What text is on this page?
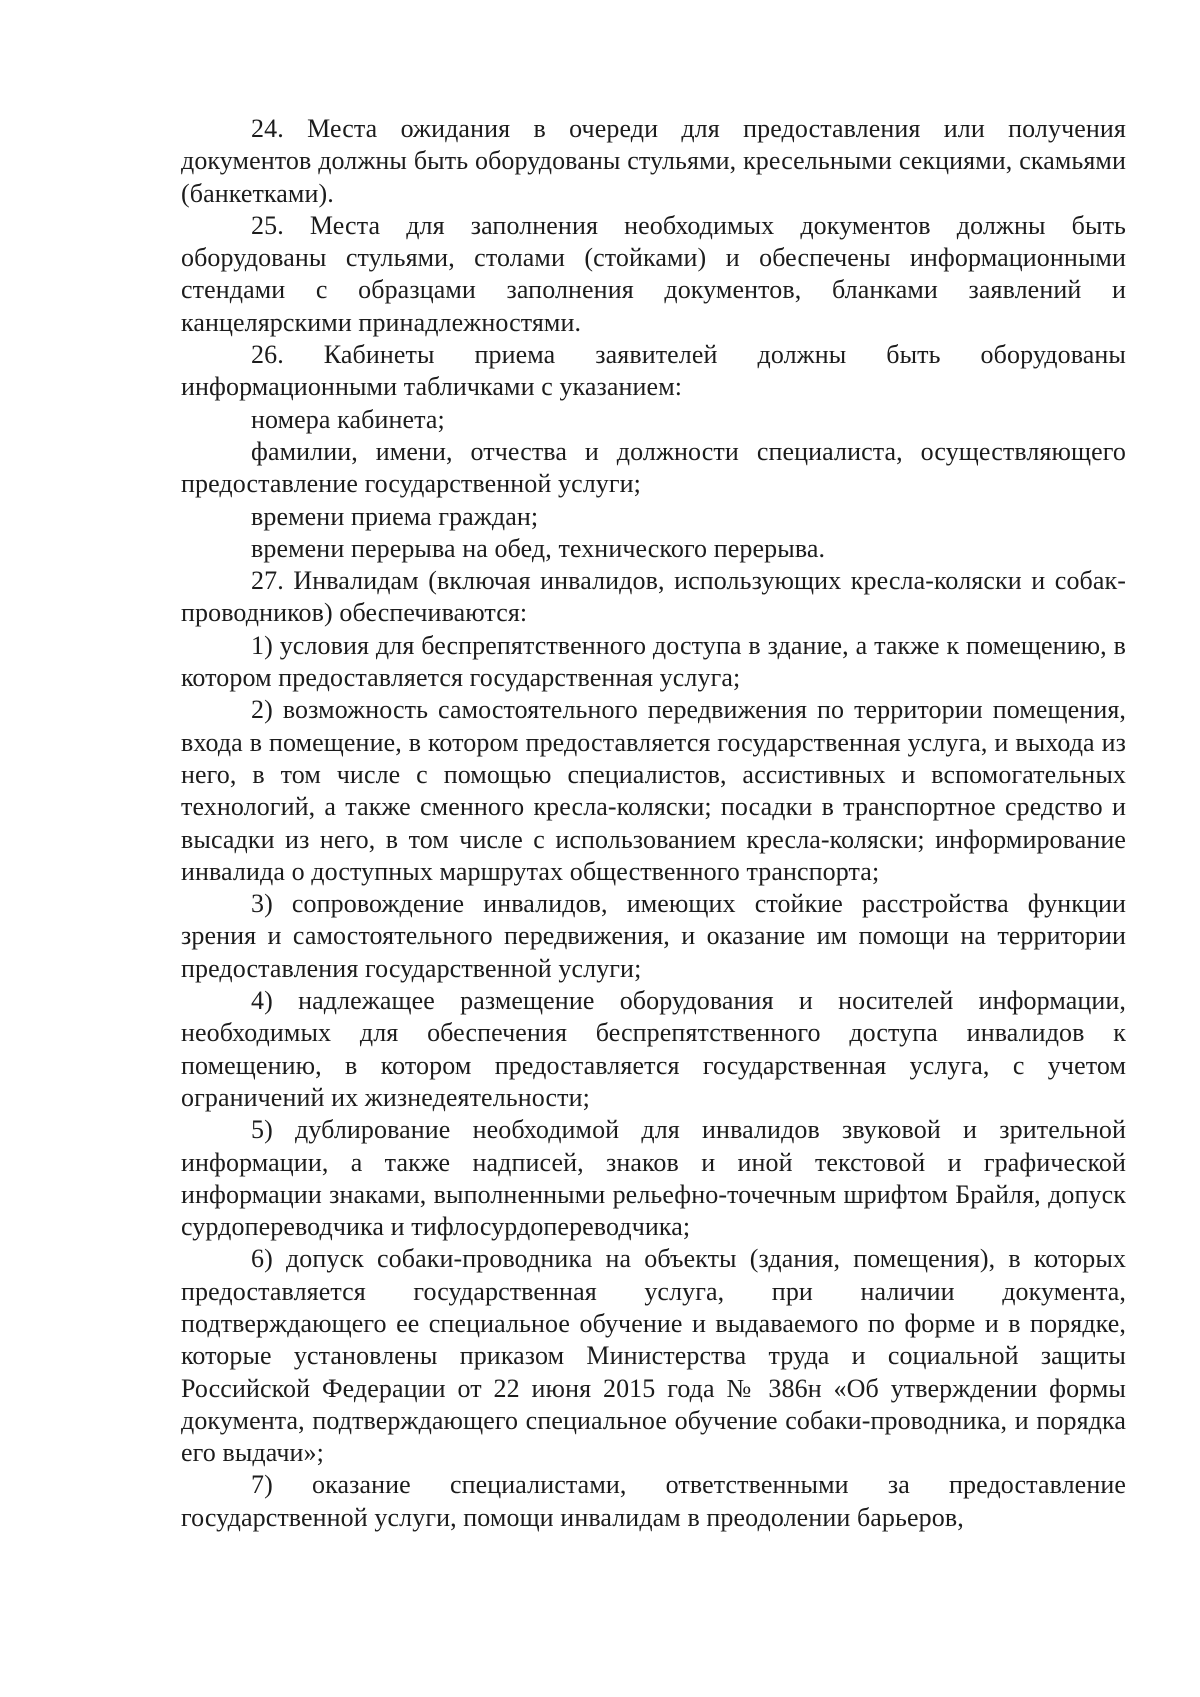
24. Места ожидания в очереди для предоставления или получения документов должны быть оборудованы стульями, кресельными секциями, скамьями (банкетками).

25. Места для заполнения необходимых документов должны быть оборудованы стульями, столами (стойками) и обеспечены информационными стендами с образцами заполнения документов, бланками заявлений и канцелярскими принадлежностями.

26. Кабинеты приема заявителей должны быть оборудованы информационными табличками с указанием:

номера кабинета;

фамилии, имени, отчества и должности специалиста, осуществляющего предоставление государственной услуги;

времени приема граждан;

времени перерыва на обед, технического перерыва.

27. Инвалидам (включая инвалидов, использующих кресла-коляски и собак-проводников) обеспечиваются:

1) условия для беспрепятственного доступа в здание, а также к помещению, в котором предоставляется государственная услуга;

2) возможность самостоятельного передвижения по территории помещения, входа в помещение, в котором предоставляется государственная услуга, и выхода из него, в том числе с помощью специалистов, ассистивных и вспомогательных технологий, а также сменного кресла-коляски; посадки в транспортное средство и высадки из него, в том числе с использованием кресла-коляски; информирование инвалида о доступных маршрутах общественного транспорта;

3) сопровождение инвалидов, имеющих стойкие расстройства функции зрения и самостоятельного передвижения, и оказание им помощи на территории предоставления государственной услуги;

4) надлежащее размещение оборудования и носителей информации, необходимых для обеспечения беспрепятственного доступа инвалидов к помещению, в котором предоставляется государственная услуга, с учетом ограничений их жизнедеятельности;

5) дублирование необходимой для инвалидов звуковой и зрительной информации, а также надписей, знаков и иной текстовой и графической информации знаками, выполненными рельефно-точечным шрифтом Брайля, допуск сурдопереводчика и тифлосурдопереводчика;

6) допуск собаки-проводника на объекты (здания, помещения), в которых предоставляется государственная услуга, при наличии документа, подтверждающего ее специальное обучение и выдаваемого по форме и в порядке, которые установлены приказом Министерства труда и социальной защиты Российской Федерации от 22 июня 2015 года № 386н «Об утверждении формы документа, подтверждающего специальное обучение собаки-проводника, и порядка его выдачи»;

7) оказание специалистами, ответственными за предоставление государственной услуги, помощи инвалидам в преодолении барьеров,
